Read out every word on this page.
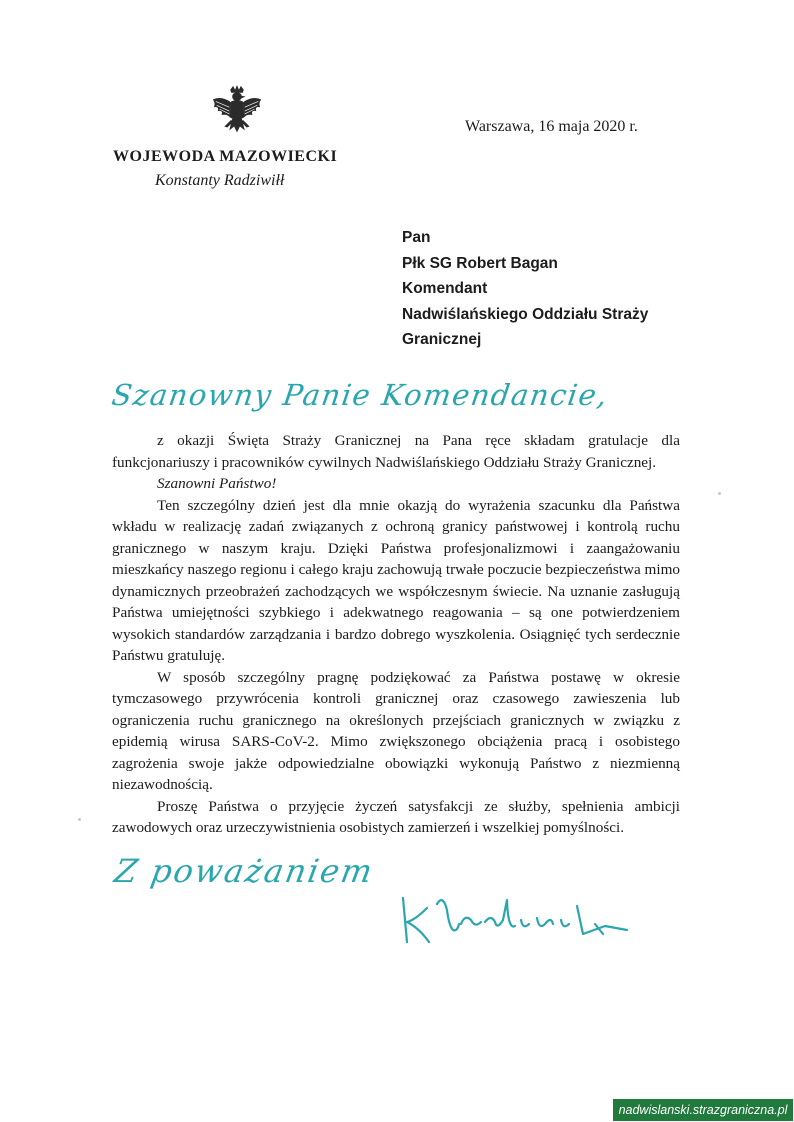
WOJEWODA MAZOWIECKI
Konstanty Radziwiłł
Warszawa, 16 maja 2020 r.
Pan
Płk SG Robert Bagan
Komendant
Nadwiślańskiego Oddziału Straży
Granicznej
Szanowny Panie Komendancie,

z okazji Święta Straży Granicznej na Pana ręce składam gratulacje dla funkcjonariuszy i pracowników cywilnych Nadwiślańskiego Oddziału Straży Granicznej.

Szanowni Państwo!

Ten szczególny dzień jest dla mnie okazją do wyrażenia szacunku dla Państwa wkładu w realizację zadań związanych z ochroną granicy państwowej i kontrolą ruchu granicznego w naszym kraju. Dzięki Państwa profesjonalizmowi i zaangażowaniu mieszkańcy naszego regionu i całego kraju zachowują trwałe poczucie bezpieczeństwa mimo dynamicznych przeobrażeń zachodzących we współczesnym świecie. Na uznanie zasługują Państwa umiejętności szybkiego i adekwatnego reagowania – są one potwierdzeniem wysokich standardów zarządzania i bardzo dobrego wyszkolenia. Osiągnięć tych serdecznie Państwu gratuluję.

W sposób szczególny pragnę podziękować za Państwa postawę w okresie tymczasowego przywrócenia kontroli granicznej oraz czasowego zawieszenia lub ograniczenia ruchu granicznego na określonych przejściach granicznych w związku z epidemią wirusa SARS-CoV-2. Mimo zwiększonego obciążenia pracą i osobistego zagrożenia swoje jakże odpowiedzialne obowiązki wykonują Państwo z niezmienną niezawodnością.

Proszę Państwa o przyjęcie życzeń satysfakcji ze służby, spełnienia ambicji zawodowych oraz urzeczywistnienia osobistych zamierzeń i wszelkiej pomyślności.

Z poważaniem
nadwislanski.strazgraniczna.pl
